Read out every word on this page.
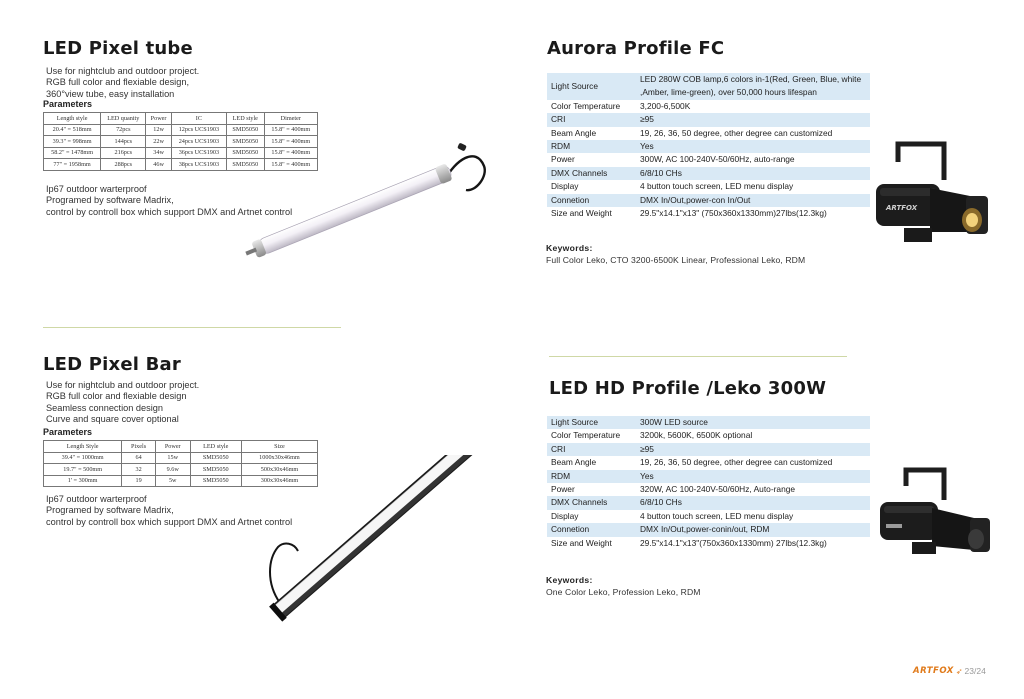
LED Pixel tube
Use for nightclub and outdoor project.
RGB full color and flexiable design,
360°view tube, easy installation
Parameters
Length style	LED quanity	Power	IC	LED style	Dimeter
20.4" = 518mm	72pcs	12w	12pcs UCS1903	SMD5050	15.8" = 400mm
39.3" = 998mm	144pcs	22w	24pcs UCS1903	SMD5050	15.8" = 400mm
58.2" = 1478mm	216pcs	34w	36pcs UCS1903	SMD5050	15.8" = 400mm
77" = 1958mm	288pcs	46w	38pcs UCS1903	SMD5050	15.8" = 400mm
Ip67 outdoor warterproof
Programed by software Madrix,
control by controll box which support DMX and Artnet control
LED Pixel Bar
Use for nightclub and outdoor project.
RGB full color and flexiable design
Seamless connection design
Curve and square cover optional
Parameters
Length Style	Pixels	Power	LED style	Size
39.4" = 1000mm	64	15w	SMD5050	1000x30x46mm
19.7" = 500mm	32	9.6w	SMD5050	500x30x46mm
1' = 300mm	19	5w	SMD5050	300x30x46mm
Ip67 outdoor warterproof
Programed by software Madrix,
control by controll box which support DMX and Artnet control
Aurora Profile FC
Light Source	LED 280W COB lamp,6 colors in-1(Red, Green, Blue, white ,Amber, lime-green), over 50,000 hours lifespan
Color Temperature	3,200-6,500K
CRI	≥95
Beam Angle	19, 26, 36, 50 degree, other degree can customized
RDM	Yes
Power	300W, AC 100-240V-50/60Hz, auto-range
DMX Channels	6/8/10 CHs
Display	4 button touch screen, LED menu display
Connetion	DMX In/Out,power-con In/Out
Size and Weight	29.5"x14.1"x13" (750x360x1330mm)27lbs(12.3kg)
ARTFOX
Keywords:
Full Color Leko, CTO 3200-6500K Linear, Professional Leko, RDM
LED HD Profile /Leko 300W
Light Source	300W LED source
Color Temperature	3200k, 5600K, 6500K optional
CRI	≥95
Beam Angle	19, 26, 36, 50 degree, other degree can customized
RDM	Yes
Power	320W, AC 100-240V-50/60Hz, Auto-range
DMX Channels	6/8/10 CHs
Display	4 button touch screen, LED menu display
Connetion	DMX In/Out,power-conin/out, RDM
Size and Weight	29.5"x14.1"x13"(750x360x1330mm) 27lbs(12.3kg)
Keywords:
One Color Leko, Profession Leko, RDM
ARTFOX ➶ 23/24
